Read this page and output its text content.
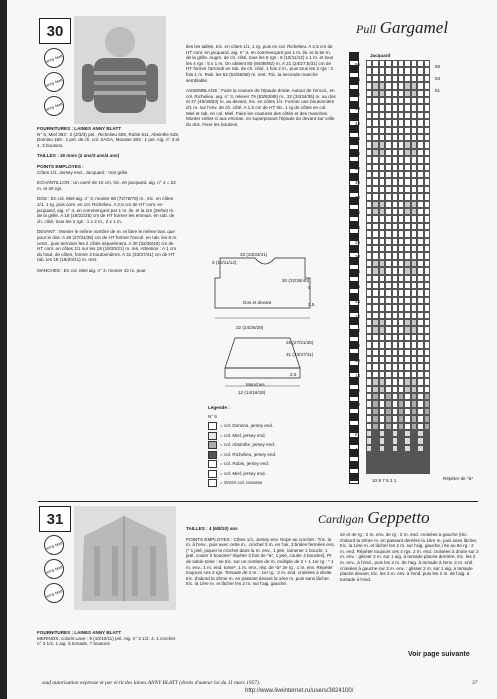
30
anny blatt
anny blatt
anny blatt
Pull Gargamel
FOURNITURES : LAINES ANNY BLATT
N° 5, Miel 353 : 2 (2/3/3) pel., Richelieu 505, Rubis 511, Absinthe 628, Domino 166 : 1 pel. de ch. col. SAGA, Mousse 363 : 1 pel. Aig. n° 3 et 4, 3 boutons.
TAILLES : 18 mois (2 ans/3 ans/4 ans)
POINTS EMPLOYES :
Côtes 1/1, Jersey end., Jacquard : Voir grille.
ECHANTILLON : Un carré de 10 cm, tric. en jacquard, aig. n° 4 = 22 m. et 26 rgs.
DOS : En col. Miel aig. n° 3, monter 68 (72/76/78) m., tric. en côtes 1/1, 1 rg. puis cont. en col. Richelieu. A 2,5 cm de HT cont. en jacquard, aig. n° 4, en commençant par 1 m. lis. et la 1re (3e/5e) m. de la grille. A 18 (19/22/25) cm de HT former les emman. en rab. de ch. côté, tous les 2 rgs : 1 x 2 m., 2 x 1 m.
DEVANT : Monter le même nombre de m. et faire le même trav. que pour le dos. A 26 (27/31/35) cm de HT former l'encol. en rab. les 8 m. centr., puis terminer les 2 côtés séparément. A 30 (32/36/40) cm de HT cont. en côtes 1/1 sur les 18 (19/20/21) m. res. Attention : A 1 cm du haut, de côtes, former 2 boutonnières. A 31 (33/37/41) cm de HT rab. les 18 (19/20/21) m. rest.
MANCHES : En col. Miel aig. n° 3, monter 42 m. pour
tles les tailles, tric. en côtes 1/1, 1 rg. puis en col. Richelieu. A 2,5 cm de HT cont. en jacquard, aig. n° 4, en commençant par 1 m. lis. et la 5e m. de la grille. Augm. de ch. côté, tous les 6 rgs : 9 (10/11/12) x 1 m. et tous les 4 rgs : 5 x 1 m. On obtient 80 (84/88/92) m. A 21 (24/27,5/31) cm de HT former l'arrondi en rab. de ch. côté, 1 fois 2 m., puis tous les 2 rgs : 2 fois 1 m. Rab. les 52 (54/56/58) m. rest. Tric. la seconde manche semblable.
ASSEMBLAGE : Faire la couture de l'épaule droite. Autour de l'encol., en col. Richelieu, aig. n° 3, relever 79 (83/83/89) m., 32 (34/34/36) m. au dos et 47 (49/49/53) m. au devant, tric. en côtes 1/1. Former une boutonnière d'1 m. sur l'env. de ch. côté. A 1,5 cm de HT tric. 1 rg de côtes en col. Miel et rab. en col. Miel. Faire les coutures des côtés et des manches. Monter celles-ci aux emman. en superposant l'épaule du devant sur celle du dos. Fixer les boutons.
Dos et devant
Manches
33 (33/33/41)
9 (10/11/12)
30 (32/36/40)
5
2,5
22 (24/26/28)
26 (27/31/35)
31 (33/37/41)
12 (14/16/18)
2,5
Légende :
N° 5
= col. Domino, jersey end.
= col. Miel, jersey end.
= col. Absinthe, jersey end.
= col. Richelieu, jersey end.
= col. Rubis, jersey end.
= col. Miel, jersey end.
= SAGA col. mousse
Jacquard
56
54
52
50
48
46
44
42
40
38
36
34
32
30
28
26
24
22
20
18
16
14
12
10
8
6
4
2
Répéter de *à*
10 9 7 5 3 1
55
53
51
31
anny blatt
anny blatt
anny blatt
FOURNITURES : LAINES ANNY BLATT
MERINOS, coloris Lave : 9 (10/10/11) pel. Aig. n° 3 1/2, 4, 1 crochet n° 3 1/2, 1 aig. à torsade, 7 boutons
TAILLES : 4 (6/8/10) ans
POINTS EMPLOYES : Côtes 1/1, Jersey env. Nope au crochet : Tric. la m. à l'env., puis avec cette m., crochet 3 m. en l'air, 3 brides fermées ens. (* 1 jeté, piquer le crochet dans la m. env., 1 jeté, ramener 1 boucle, 1 jeté, couler 2 boucles* répéter 3 fois de *à*, 1 jeté, couler 4 boucles). Pt de sable torse : se tric. sur un nombre de m. multiple de 2 + 1 1er rg : * 1 m. env., 1 m. end. torse*, 1 m. env., rép. de *à* 2e rg : 1 m. env. Répéter toujours ces 2 rgs. Torsade de 2 m. : 1er rg : 2 m. end. croisées à droite tric. d'abord la 2ème m. en passant devant la 1ère m, puis sans lâcher, tric. la 1ère m. et lâcher les 2 m. sur l'aig. gauche.
Cardigan Geppetto
2e et 4e rg : 2 m. env. 3e rg : 2 m. end. croisées à gauche (tric. d'abord la 2ème m. en passant derrière la 1ère m. puis sans lâcher, tric. la 1ère m. et lâcher les 2 m. sur l'aig. gauche.) 5e au 8e rg : 2 m. end. Répéter toujours ces 4 rgs. 2 m. end. croisées à droite sur 2 m. env. : glisser 2 m. sur 1 aig. à torsade placée derrière, tric. les 2 m. env., à l'end., puis les 2 m. de l'aig. à torsade à l'env. 2 m. end. croisées à gauche sur 2 m. env. : glisser 2 m. sur 1 aig. à torsade placée devant, tric. les 2 m. env. à l'end. puis les 2 m. de l'aig. à torsade à l'end.
Voir page suivante
sauf autorisation expresse et par écrit des laines ANNY BLATT (droits d'auteur loi du 11 mars 1957).	37
http://www.liveinternet.ru/users/3824100/
